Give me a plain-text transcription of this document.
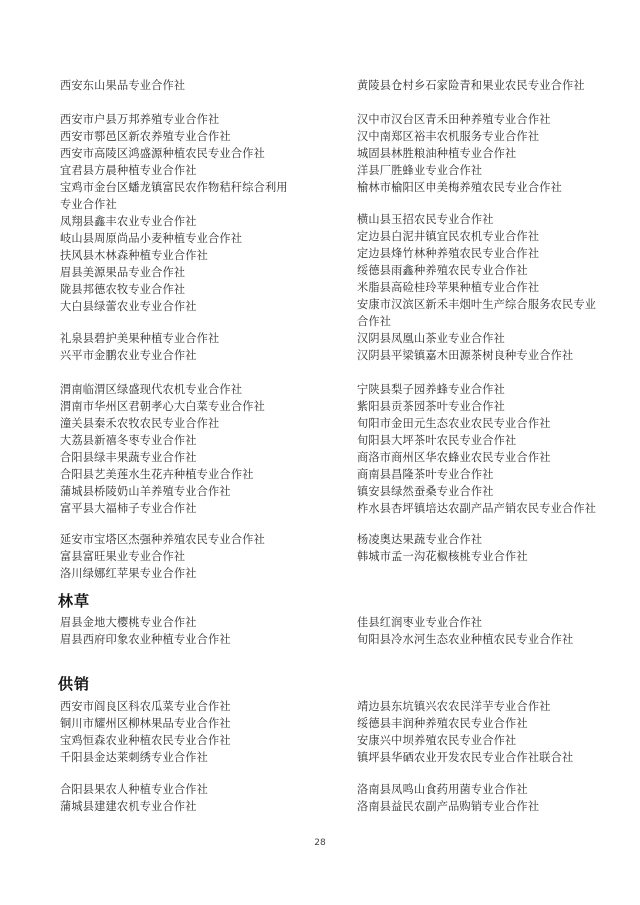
西安东山果品专业合作社
西安市户县万邦养殖专业合作社
西安市鄠邑区新农养殖专业合作社
西安市高陵区鸿盛源种植农民专业合作社
宜君县方晨种植专业合作社
宝鸡市金台区蟠龙镇富民农作物秸秆综合利用专业合作社
凤翔县鑫丰农业专业合作社
岐山县周原尚品小麦种植专业合作社
扶风县木林森种植专业合作社
眉县美源果品专业合作社
陇县邦德农牧专业合作社
大白县绿蕾农业专业合作社
礼泉县碧护美果种植专业合作社
兴平市金鹏农业专业合作社
渭南临渭区绿盛现代农机专业合作社
渭南市华州区君朝孝心大白菜专业合作社
潼关县秦禾农牧农民专业合作社
大荔县新禧冬枣专业合作社
合阳县绿丰果蔬专业合作社
合阳县艺美莲水生花卉种植专业合作社
蒲城县桥陵奶山羊养殖专业合作社
富平县大福柿子专业合作社
延安市宝塔区杰强种养殖农民专业合作社
富县富旺果业专业合作社
洛川绿娜红苹果专业合作社
黄陵县仓村乡石家险青和果业农民专业合作社
汉中市汉台区青禾田种养殖专业合作社
汉中南郑区裕丰农机服务专业合作社
城固县林胜粮油种植专业合作社
洋县厂胜蜂业专业合作社
榆林市榆阳区申美梅养殖农民专业合作社
横山县玉招农民专业合作社
定边县白泥井镇宜民农机专业合作社
定边县烽竹林种养殖农民专业合作社
绥德县雨鑫种养殖农民专业合作社
米脂县高硷桂玲苹果种植专业合作社
安康市汉滨区新禾丰烟叶生产综合服务农民专业合作社
汉阴县凤凰山茶业专业合作社
汉阴县平梁镇嘉木田源茶树良种专业合作社
宁陕县梨子园养蜂专业合作社
紫阳县贡茶园茶叶专业合作社
旬阳市金田元生态农业农民专业合作社
旬阳县大坪茶叶农民专业合作社
商洛市商州区华农蜂业农民专业合作社
商南县昌隆茶叶专业合作社
镇安县绿然蚕桑专业合作社
柞水县杏坪镇培达农副产品产销农民专业合作社
杨凌奥达果蔬专业合作社
韩城市孟一沟花椒核桃专业合作社
林草
眉县金地大樱桃专业合作社
眉县西府印象农业种植专业合作社
佳县红润枣业专业合作社
旬阳县冷水河生态农业种植农民专业合作社
供销
西安市阎良区科农瓜菜专业合作社
铜川市耀州区柳林果品专业合作社
宝鸡恒森农业种植农民专业合作社
千阳县金达莱刺绣专业合作社
合阳县果农人种植专业合作社
蒲城县建建农机专业合作社
靖边县东坑镇兴农农民洋芋专业合作社
绥德县丰润种养殖农民专业合作社
安康兴中坝养殖农民专业合作社
镇坪县华硒农业开发农民专业合作社联合社
洛南县凤鸣山食药用菌专业合作社
洛南县益民农副产品购销专业合作社
28
